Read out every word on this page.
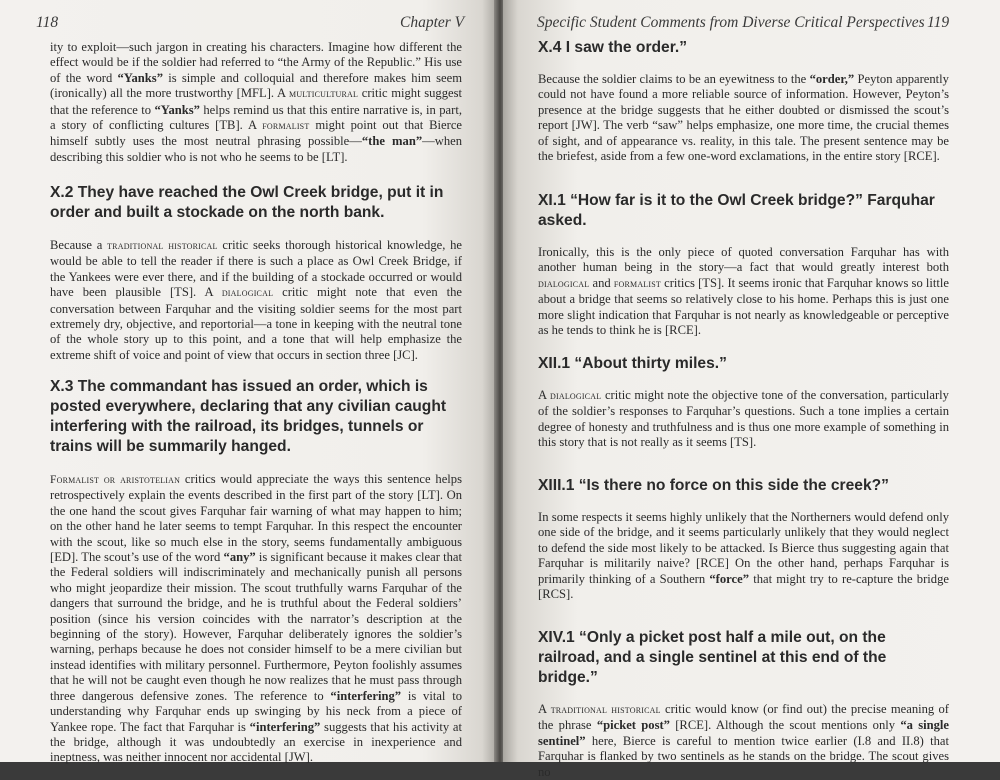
118	Chapter V

ity to exploit—such jargon in creating his characters. Imagine how different the effect would be if the soldier had referred to “the Army of the Republic.” His use of the word “Yanks” is simple and colloquial and therefore makes him seem (ironically) all the more trustworthy [MFL]. A multicultural critic might suggest that the reference to “Yanks” helps remind us that this entire narrative is, in part, a story of conflicting cultures [TB]. A formalist might point out that Bierce himself subtly uses the most neutral phrasing possible—“the man”—when describing this soldier who is not who he seems to be [LT].

X.2 They have reached the Owl Creek bridge, put it in order and built a stockade on the north bank.

Because a traditional historical critic seeks thorough historical knowledge, he would be able to tell the reader if there is such a place as Owl Creek Bridge, if the Yankees were ever there, and if the building of a stockade occurred or would have been plausible [TS]. A dialogical critic might note that even the conversation between Farquhar and the visiting soldier seems for the most part extremely dry, objective, and reportorial—a tone in keeping with the neutral tone of the whole story up to this point, and a tone that will help emphasize the extreme shift of voice and point of view that occurs in section three [JC].

X.3 The commandant has issued an order, which is posted everywhere, declaring that any civilian caught interfering with the railroad, its bridges, tunnels or trains will be summarily hanged.

Formalist or aristotelian critics would appreciate the ways this sentence helps retrospectively explain the events described in the first part of the story [LT]. On the one hand the scout gives Farquhar fair warning of what may happen to him; on the other hand he later seems to tempt Farquhar. In this respect the encounter with the scout, like so much else in the story, seems fundamentally ambiguous [ED]. The scout’s use of the word “any” is significant because it makes clear that the Federal soldiers will indiscriminately and mechanically punish all persons who might jeopardize their mission. The scout truthfully warns Farquhar of the dangers that surround the bridge, and he is truthful about the Federal soldiers’ position (since his version coincides with the narrator’s description at the beginning of the story). However, Farquhar deliberately ignores the soldier’s warning, perhaps because he does not consider himself to be a mere civilian but instead identifies with military personnel. Furthermore, Peyton foolishly assumes that he will not be caught even though he now realizes that he must pass through three dangerous defensive zones. The reference to “interfering” is vital to understanding why Farquhar ends up swinging by his neck from a piece of Yankee rope. The fact that Farquhar is “interfering” suggests that his activity at the bridge, although it was undoubtedly an exercise in inexperience and ineptness, was neither innocent nor accidental [JW].

Specific Student Comments from Diverse Critical Perspectives 119
X.4 I saw the order.”

Because the soldier claims to be an eyewitness to the “order,” Peyton apparently could not have found a more reliable source of information. However, Peyton’s presence at the bridge suggests that he either doubted or dismissed the scout’s report [JW]. The verb “saw” helps emphasize, one more time, the crucial themes of sight, and of appearance vs. reality, in this tale. The present sentence may be the briefest, aside from a few one-word exclamations, in the entire story [RCE].

XI.1 “How far is it to the Owl Creek bridge?” Farquhar asked.

Ironically, this is the only piece of quoted conversation Farquhar has with another human being in the story—a fact that would greatly interest both dialogical and formalist critics [TS]. It seems ironic that Farquhar knows so little about a bridge that seems so relatively close to his home. Perhaps this is just one more slight indication that Farquhar is not nearly as knowledgeable or perceptive as he tends to think he is [RCE].

XII.1 “About thirty miles.”

A dialogical critic might note the objective tone of the conversation, particularly of the soldier’s responses to Farquhar’s questions. Such a tone implies a certain degree of honesty and truthfulness and is thus one more example of something in this story that is not really as it seems [TS].

XIII.1 “Is there no force on this side the creek?”

In some respects it seems highly unlikely that the Northerners would defend only one side of the bridge, and it seems particularly unlikely that they would neglect to defend the side most likely to be attacked. Is Bierce thus suggesting again that Farquhar is militarily naive? [RCE] On the other hand, perhaps Farquhar is primarily thinking of a Southern “force” that might try to re-capture the bridge [RCS].

XIV.1 “Only a picket post half a mile out, on the railroad, and a single sentinel at this end of the bridge.”

A traditional historical critic would know (or find out) the precise meaning of the phrase “picket post” [RCE]. Although the scout mentions only “a single sentinel” here, Bierce is careful to mention twice earlier (I.8 and II.8) that Farquhar is flanked by two sentinels as he stands on the bridge. The scout gives no
